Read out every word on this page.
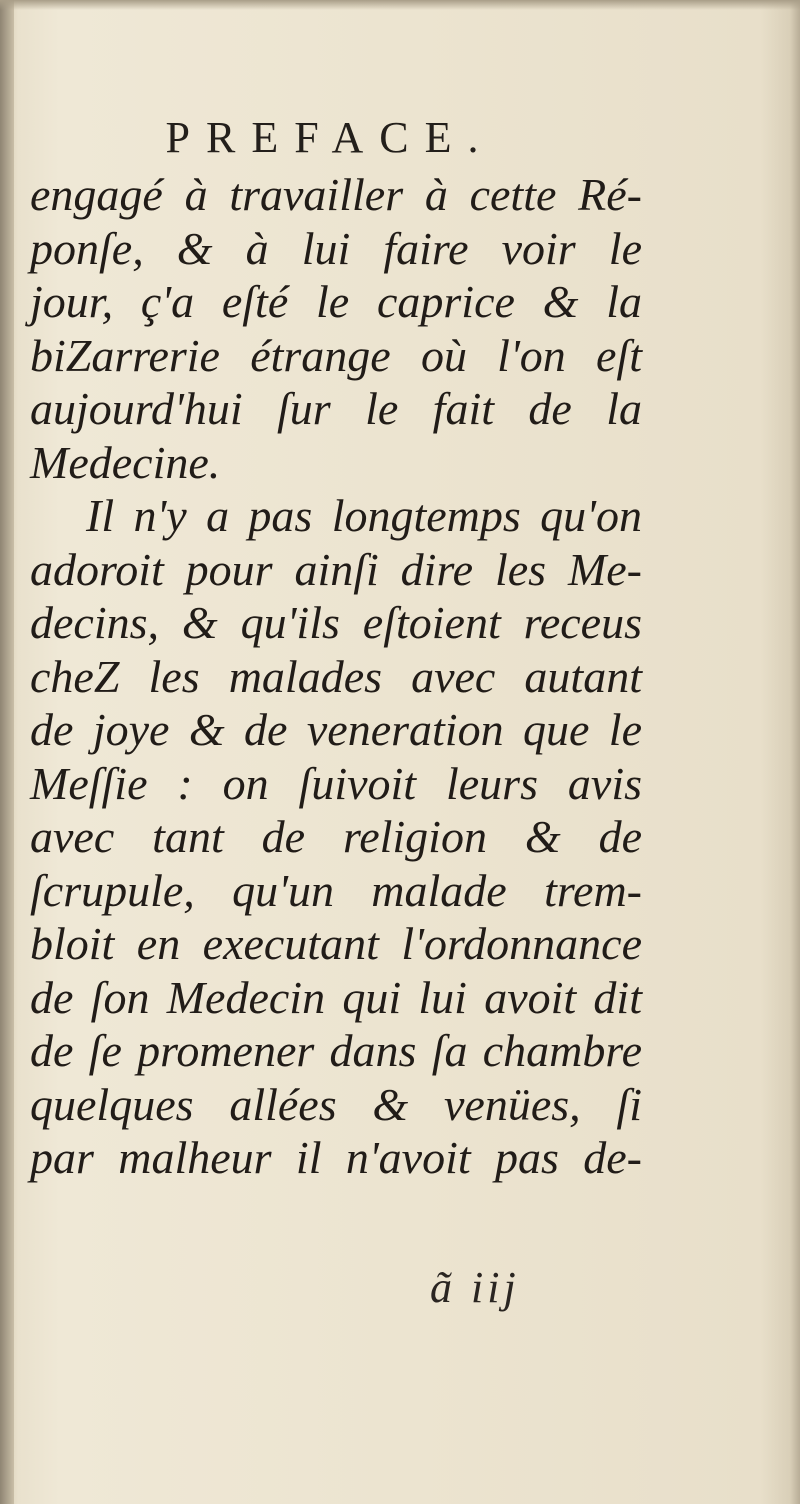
PREFACE.
engagé à travailler à cette Ré-
ponſe, & à lui faire voir le
jour, ç'a eſté le caprice & la
biZarrerie étrange où l'on eſt
aujourd'hui ſur le fait de la
Medecine.
Il n'y a pas longtemps qu'on
adoroit pour ainſi dire les Me-
decins, & qu'ils eſtoient receus
cheZ les malades avec autant
de joye & de veneration que le
Meſſie : on ſuivoit leurs avis
avec tant de religion & de
ſcrupule, qu'un malade trem-
bloit en executant l'ordonnance
de ſon Medecin qui lui avoit dit
de ſe promener dans ſa chambre
quelques allées & venües, ſi
par malheur il n'avoit pas de-
ã iij
